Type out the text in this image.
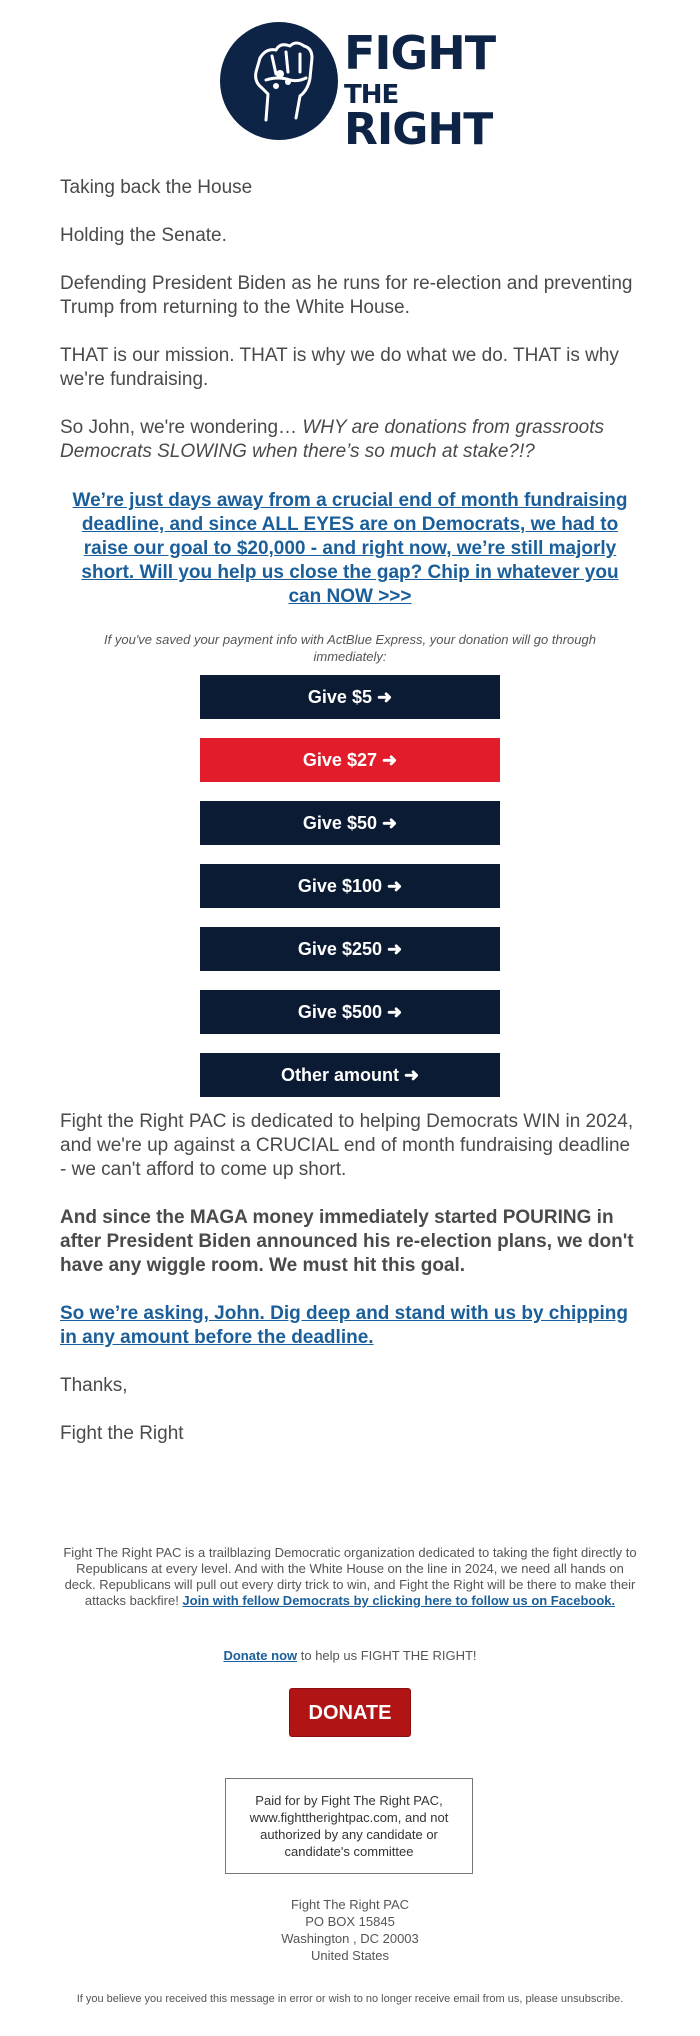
FIGHT
THE RIGHT

Taking back the House

Holding the Senate.

Defending President Biden as he runs for re-election and preventing Trump from returning to the White House.

THAT is our mission. THAT is why we do what we do. THAT is why we're fundraising.

So John, we're wondering… WHY are donations from grassroots Democrats SLOWING when there’s so much at stake?!?

We’re just days away from a crucial end of month fundraising deadline, and since ALL EYES are on Democrats, we had to raise our goal to $20,000 - and right now, we’re still majorly short. Will you help us close the gap? Chip in whatever you can NOW >>>

If you've saved your payment info with ActBlue Express, your donation will go through immediately:

Give $5 ➜
Give $27 ➜
Give $50 ➜
Give $100 ➜
Give $250 ➜
Give $500 ➜
Other amount ➜

Fight the Right PAC is dedicated to helping Democrats WIN in 2024, and we're up against a CRUCIAL end of month fundraising deadline - we can't afford to come up short.

And since the MAGA money immediately started POURING in after President Biden announced his re-election plans, we don't have any wiggle room. We must hit this goal.

So we’re asking, John. Dig deep and stand with us by chipping in any amount before the deadline.

Thanks,

Fight the Right

Fight The Right PAC is a trailblazing Democratic organization dedicated to taking the fight directly to Republicans at every level. And with the White House on the line in 2024, we need all hands on deck. Republicans will pull out every dirty trick to win, and Fight the Right will be there to make their attacks backfire! Join with fellow Democrats by clicking here to follow us on Facebook.

Donate now to help us FIGHT THE RIGHT!

DONATE

Paid for by Fight The Right PAC, www.fighttherightpac.com, and not authorized by any candidate or candidate's committee

Fight The Right PAC
PO BOX 15845
Washington , DC 20003
United States

If you believe you received this message in error or wish to no longer receive email from us, please unsubscribe.
